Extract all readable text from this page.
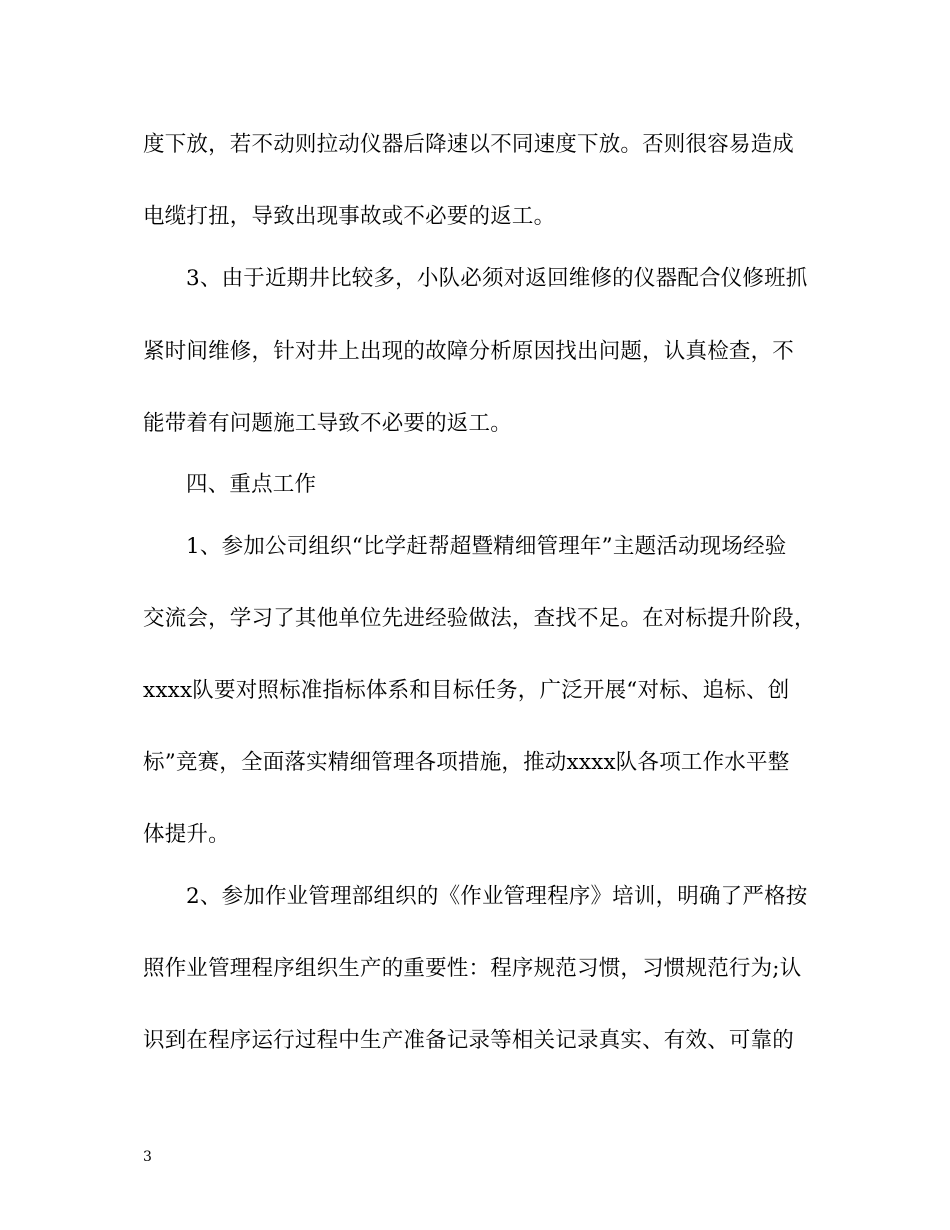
度下放，若不动则拉动仪器后降速以不同速度下放。否则很容易造成
电缆打扭，导致出现事故或不必要的返工。
3、由于近期井比较多，小队必须对返回维修的仪器配合仪修班抓
紧时间维修，针对井上出现的故障分析原因找出问题，认真检查，不
能带着有问题施工导致不必要的返工。
四、重点工作
1、参加公司组织“比学赶帮超暨精细管理年”主题活动现场经验
交流会，学习了其他单位先进经验做法，查找不足。在对标提升阶段，
xxxx队要对照标准指标体系和目标任务，广泛开展“对标、追标、创
标”竞赛，全面落实精细管理各项措施，推动xxxx队各项工作水平整
体提升。
2、参加作业管理部组织的《作业管理程序》培训，明确了严格按
照作业管理程序组织生产的重要性：程序规范习惯，习惯规范行为;认
识到在程序运行过程中生产准备记录等相关记录真实、有效、可靠的
3
